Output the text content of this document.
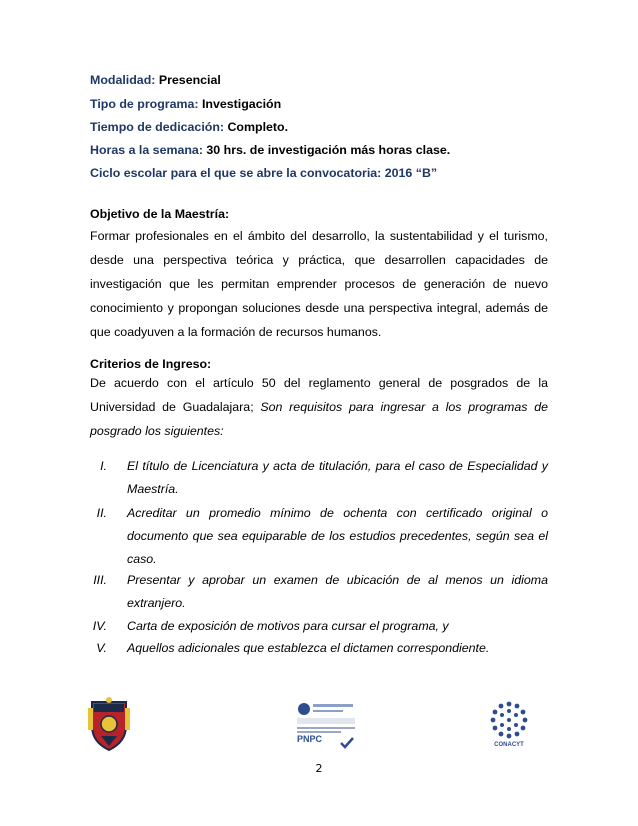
Modalidad: Presencial
Tipo de programa: Investigación
Tiempo de dedicación: Completo.
Horas a la semana: 30 hrs. de investigación más horas clase.
Ciclo escolar para el que se abre la convocatoria: 2016 “B”
Objetivo de la Maestría:
Formar profesionales en el ámbito del desarrollo, la sustentabilidad y el turismo, desde una perspectiva teórica y práctica, que desarrollen capacidades de investigación que les permitan emprender procesos de generación de nuevo conocimiento y propongan soluciones desde una perspectiva integral, además de que coadyuven a la formación de recursos humanos.
Criterios de Ingreso:
De acuerdo con el artículo 50 del reglamento general de posgrados de la Universidad de Guadalajara; Son requisitos para ingresar a los programas de posgrado los siguientes:
I. El título de Licenciatura y acta de titulación, para el caso de Especialidad y Maestría.
II. Acreditar un promedio mínimo de ochenta con certificado original o documento que sea equiparable de los estudios precedentes, según sea el caso.
III. Presentar y aprobar un examen de ubicación de al menos un idioma extranjero.
IV. Carta de exposición de motivos para cursar el programa, y
V. Aquellos adicionales que establezca el dictamen correspondiente.
PNPC
CONACYT
2
